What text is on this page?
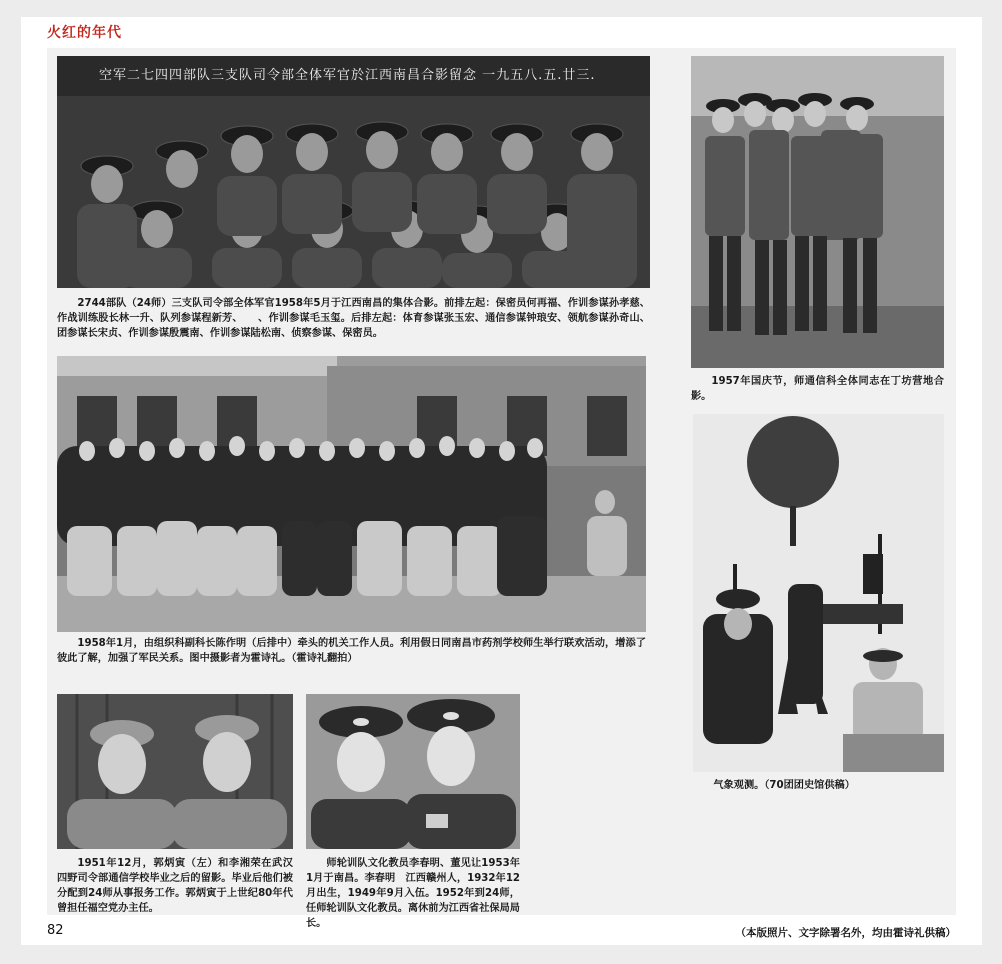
火红的年代
空军二七四四部队三支队司令部全体军官於江西南昌合影留念 一九五八.五.廿三.
2744部队（24师）三支队司令部全体军官1958年5月于江西南昌的集体合影。前排左起：保密员何再福、作训参谋孙孝慈、作战训练股长林一升、队列参谋程新芳、　　、作训参谋毛玉玺。后排左起：体育参谋张玉宏、通信参谋钟琅安、领航参谋孙奇山、团参谋长宋贞、作训参谋殷震南、作训参谋陆松南、侦察参谋、保密员。
1957年国庆节，师通信科全体同志在丁坊营地合影。
1958年1月，由组织科副科长陈作明（后排中）牵头的机关工作人员。利用假日同南昌市药剂学校师生举行联欢活动，增添了彼此了解，加强了军民关系。图中摄影者为霍诗礼。（霍诗礼翻拍）
气象观测。（70团团史馆供稿）
1951年12月，郭炳寅（左）和李湘荣在武汉四野司令部通信学校毕业之后的留影。毕业后他们被分配到24师从事报务工作。郭炳寅于上世纪80年代曾担任福空党办主任。
师轮训队文化教员李春明、董见让1953年1月于南昌。李春明　江西赣州人，1932年12月出生，1949年9月入伍。1952年到24师，任师轮训队文化教员。离休前为江西省社保局局长。
82	（本版照片、文字除署名外，均由霍诗礼供稿）
